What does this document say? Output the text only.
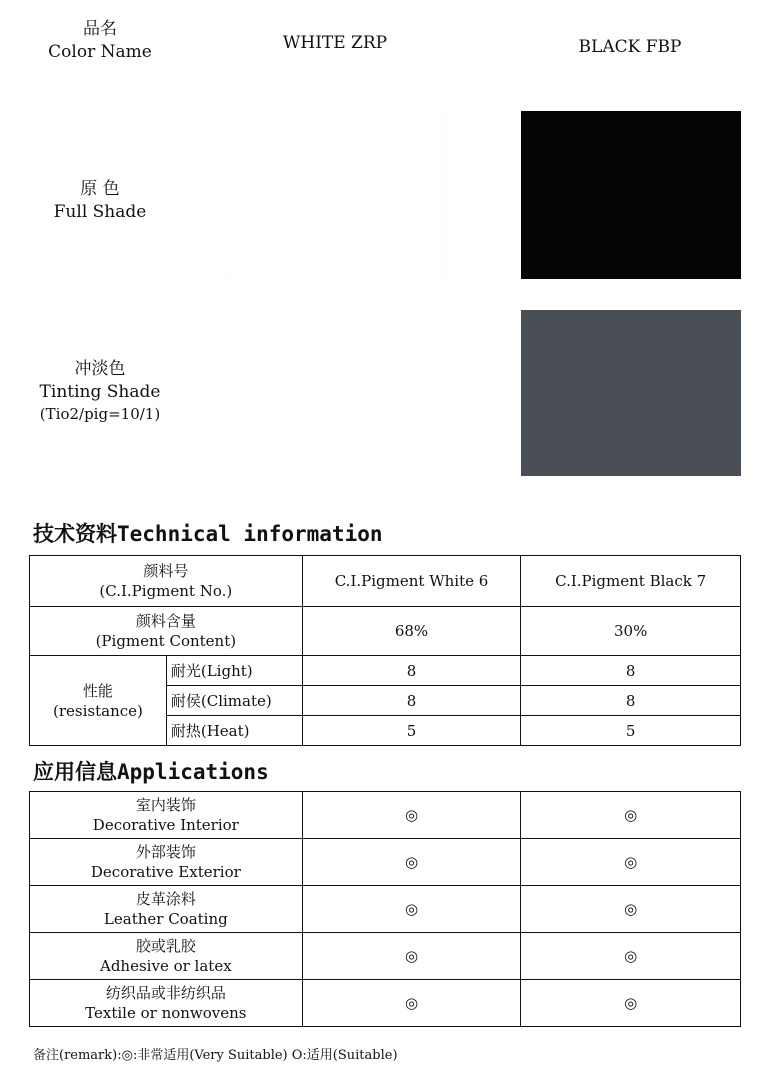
品名
Color Name	WHITE ZRP	BLACK FBP
原 色
Full Shade
冲淡色
Tinting Shade
(Tio2/pig=10/1)
技术资料Technical information
颜料号
(C.I.Pigment No.)		C.I.Pigment White 6	C.I.Pigment Black 7

颜料含量
(Pigment Content)		68%	30%

性能
(resistance)	耐光(Light)	8	8
	耐侯(Climate)	8	8
	耐热(Heat)	5	5
应用信息Applications
室内装饰
Decorative Interior	◎	◎

外部装饰
Decorative Exterior	◎	◎

皮革涂料
Leather Coating	◎	◎

胶或乳胶
Adhesive or latex	◎	◎

纺织品或非纺织品
Textile or nonwovens	◎	◎
备注(remark):◎:非常适用(Very Suitable) O:适用(Suitable)
